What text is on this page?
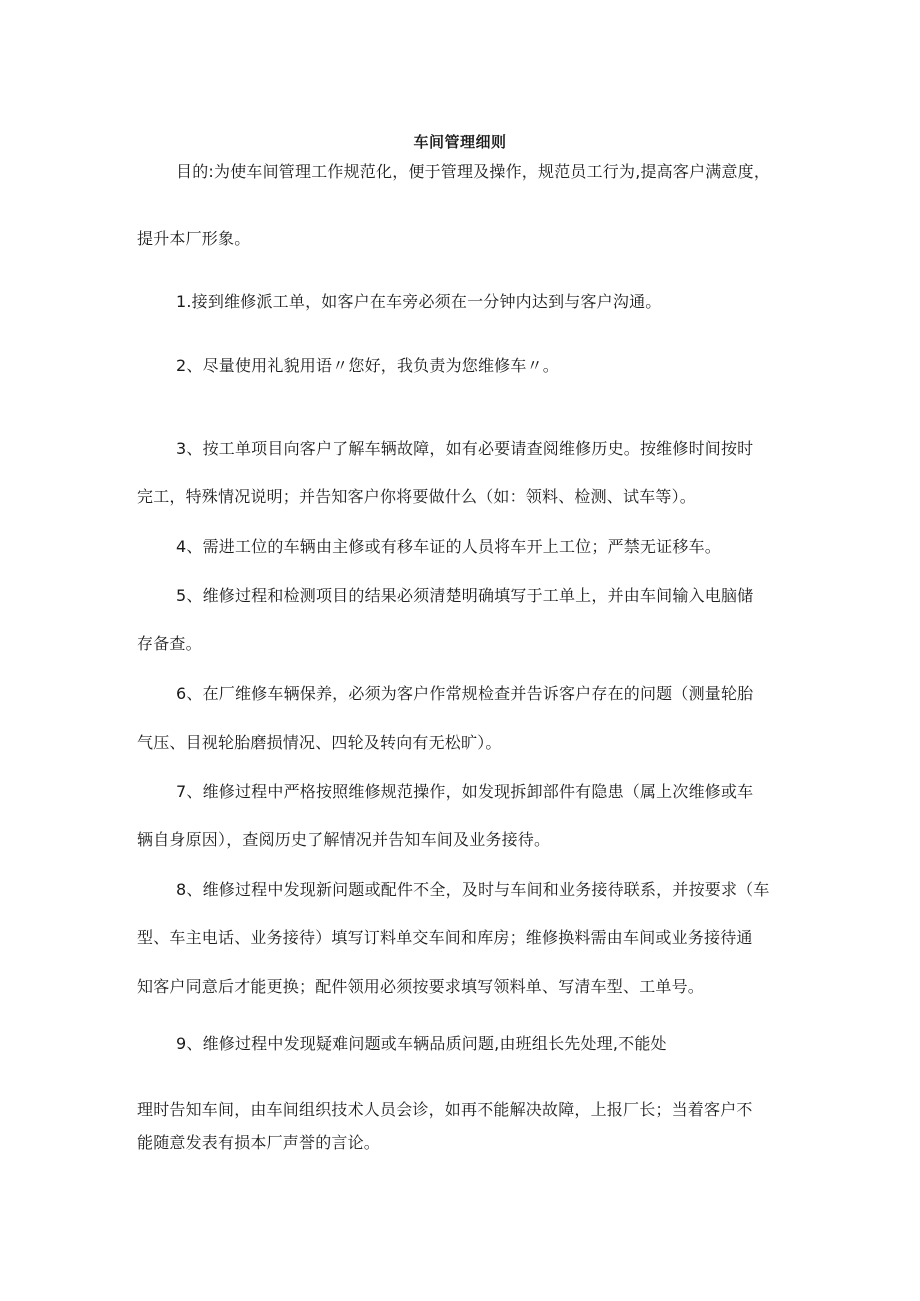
车间管理细则
目的:为使车间管理工作规范化，便于管理及操作，规范员工行为,提高客户满意度，
提升本厂形象。
1.接到维修派工单，如客户在车旁必须在一分钟内达到与客户沟通。
2、尽量使用礼貌用语〃您好，我负责为您维修车〃。
3、按工单项目向客户了解车辆故障，如有必要请查阅维修历史。按维修时间按时
完工，特殊情况说明；并告知客户你将要做什么（如：领料、检测、试车等）。
4、需进工位的车辆由主修或有移车证的人员将车开上工位；严禁无证移车。
5、维修过程和检测项目的结果必须清楚明确填写于工单上，并由车间输入电脑储
存备查。
6、在厂维修车辆保养，必须为客户作常规检查并告诉客户存在的问题（测量轮胎
气压、目视轮胎磨损情况、四轮及转向有无松旷）。
7、维修过程中严格按照维修规范操作，如发现拆卸部件有隐患（属上次维修或车
辆自身原因），查阅历史了解情况并告知车间及业务接待。
8、维修过程中发现新问题或配件不全，及时与车间和业务接待联系，并按要求（车
型、车主电话、业务接待）填写订料单交车间和库房；维修换料需由车间或业务接待通
知客户同意后才能更换；配件领用必须按要求填写领料单、写清车型、工单号。
9、维修过程中发现疑难问题或车辆品质问题,由班组长先处理,不能处
理时告知车间，由车间组织技术人员会诊，如再不能解决故障，上报厂长；当着客户不
能随意发表有损本厂声誉的言论。
